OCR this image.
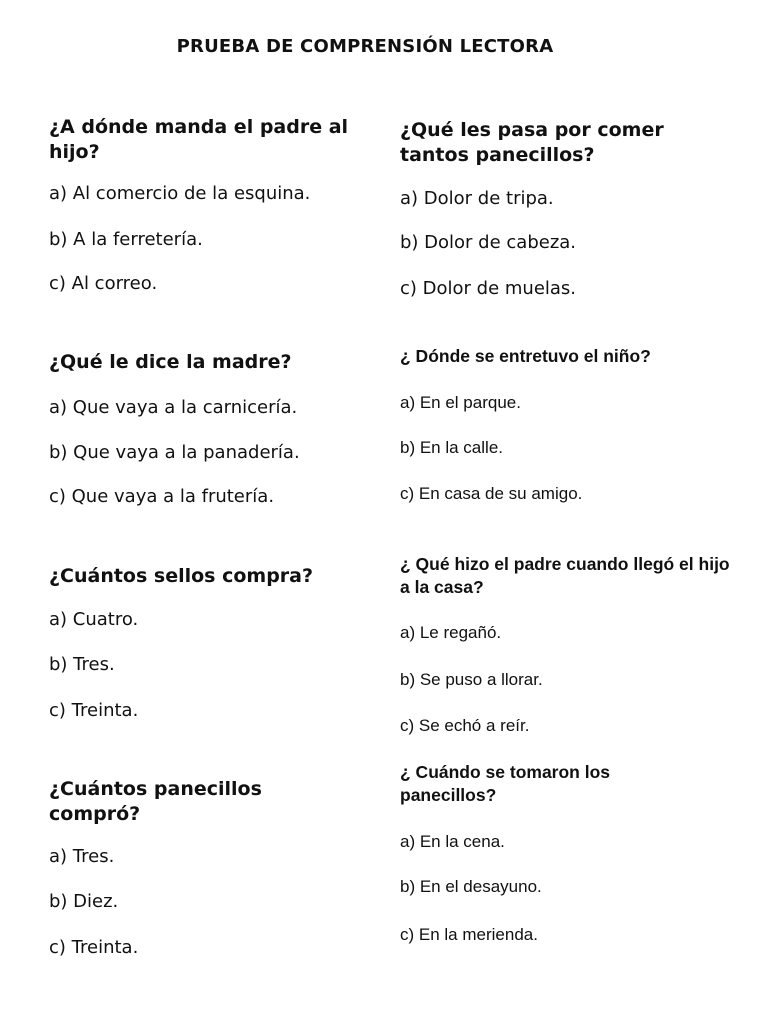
PRUEBA DE COMPRENSIÓN LECTORA

¿A dónde manda el padre al hijo?

a) Al comercio de la esquina.

b) A la ferretería.

c) Al correo.

¿Qué le dice la madre?

a) Que vaya a la carnicería.

b) Que vaya a la panadería.

c) Que vaya a la frutería.

¿Cuántos sellos compra?

a) Cuatro.

b) Tres.

c) Treinta.

¿Cuántos panecillos compró?

a) Tres.

b) Diez.

c) Treinta.

¿Qué les pasa por comer tantos panecillos?

a) Dolor de tripa.

b) Dolor de cabeza.

c) Dolor de muelas.

¿ Dónde se entretuvo el niño?

a) En el parque.

b) En la calle.

c) En casa de su amigo.

¿ Qué hizo el padre cuando llegó el hijo a la casa?

a) Le regañó.

b) Se puso a llorar.

c) Se echó a reír.

¿ Cuándo se tomaron los panecillos?

a) En la cena.

b) En el desayuno.

c) En la merienda.
